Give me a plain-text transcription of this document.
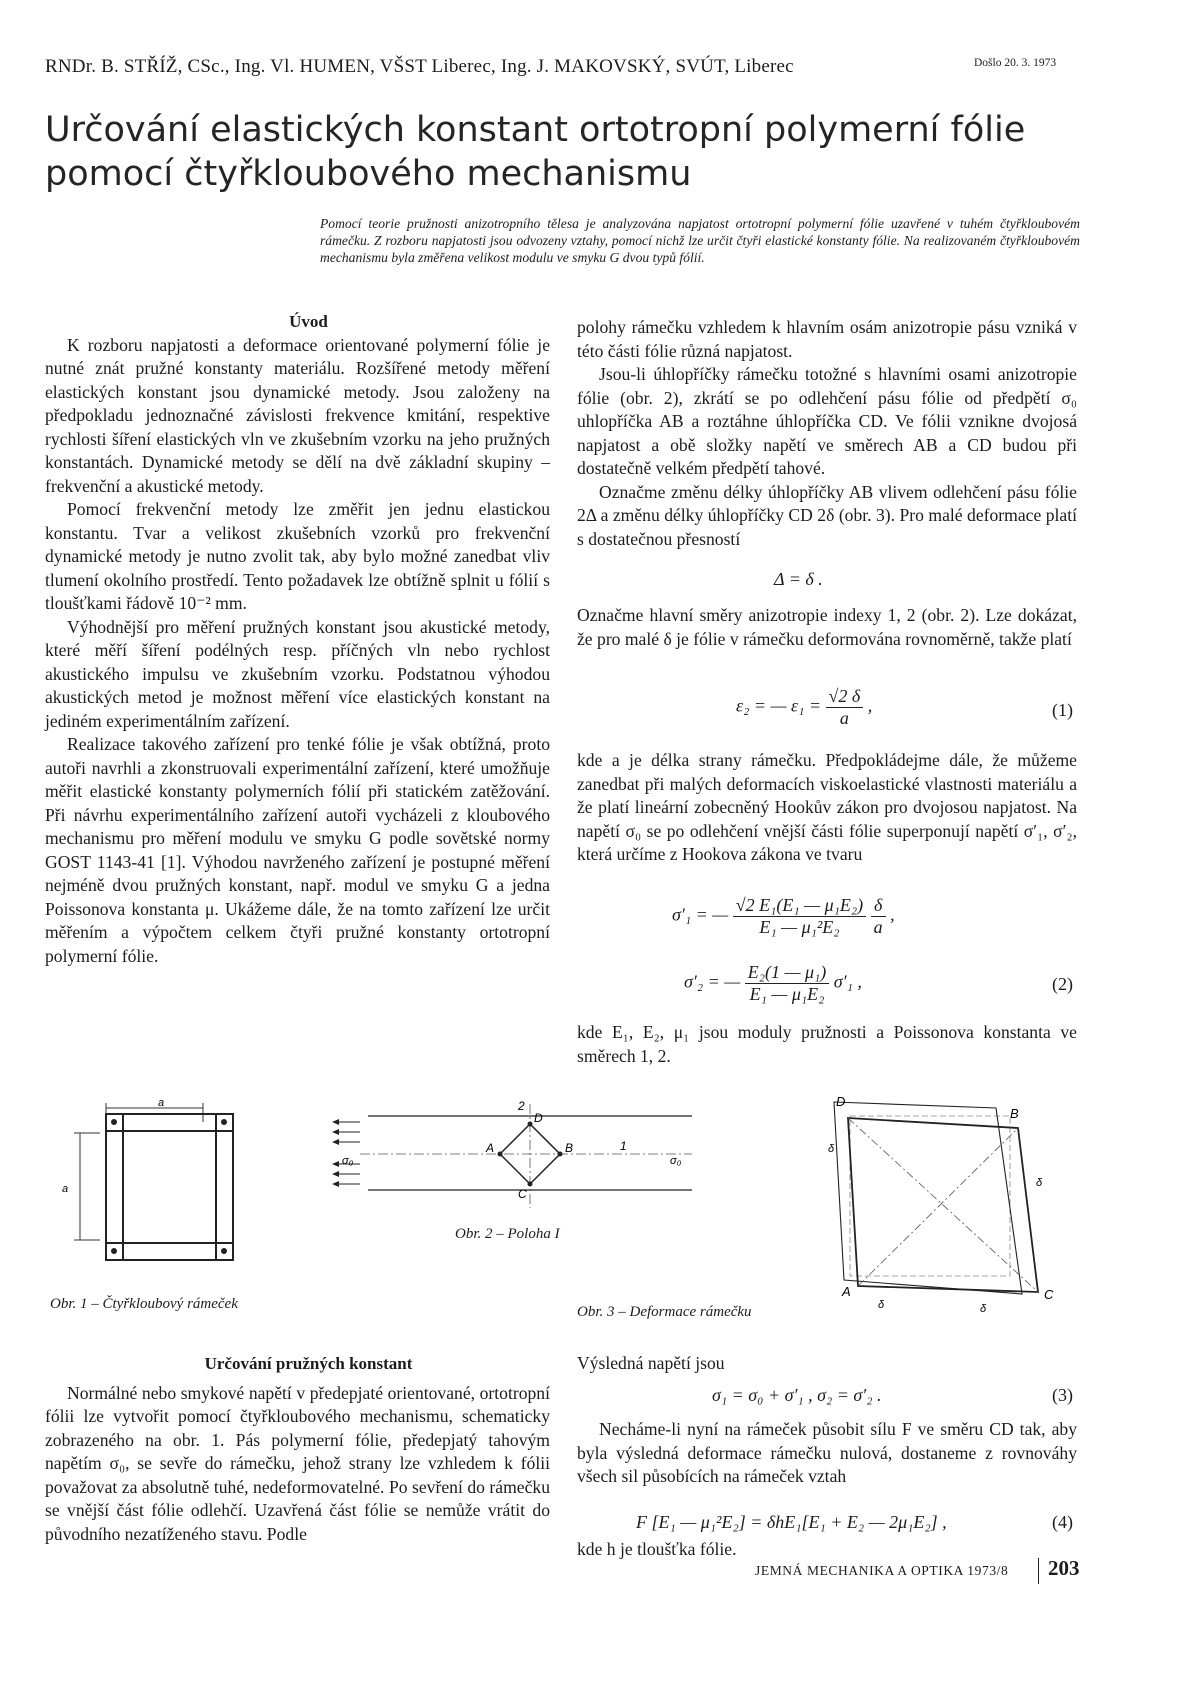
RNDr. B. STŘÍŽ, CSc., Ing. Vl. HUMEN, VŠST Liberec, Ing. J. MAKOVSKÝ, SVÚT, Liberec	Došlo 20. 3. 1973
Určování elastických konstant ortotropní polymerní fólie
pomocí čtyřkloubového mechanismu
Pomocí teorie pružnosti anizotropního tělesa je analyzována napjatost ortotropní polymerní fólie uzavřené v tuhém čtyřkloubovém rámečku. Z rozboru napjatosti jsou odvozeny vztahy, pomocí nichž lze určit čtyři elastické konstanty fólie. Na realizovaném čtyřkloubovém mechanismu byla změřena velikost modulu ve smyku G dvou typů fólií.

Úvod

K rozboru napjatosti a deformace orientované polymerní fólie je nutné znát pružné konstanty materiálu. Rozšířené metody měření elastických konstant jsou dynamické metody. Jsou založeny na předpokladu jednoznačné závislosti frekvence kmitání, respektive rychlosti šíření elastických vln ve zkušebním vzorku na jeho pružných konstantách. Dynamické metody se dělí na dvě základní skupiny – frekvenční a akustické metody.

Pomocí frekvenční metody lze změřit jen jednu elastickou konstantu. Tvar a velikost zkušebních vzorků pro frekvenční dynamické metody je nutno zvolit tak, aby bylo možné zanedbat vliv tlumení okolního prostředí. Tento požadavek lze obtížně splnit u fólií s tloušťkami řádově 10⁻² mm.

Výhodnější pro měření pružných konstant jsou akustické metody, které měří šíření podélných resp. příčných vln nebo rychlost akustického impulsu ve zkušebním vzorku. Podstatnou výhodou akustických metod je možnost měření více elastických konstant na jediném experimentálním zařízení.

Realizace takového zařízení pro tenké fólie je však obtížná, proto autoři navrhli a zkonstruovali experimentální zařízení, které umožňuje měřit elastické konstanty polymerních fólií při statickém zatěžování. Při návrhu experimentálního zařízení autoři vycházeli z kloubového mechanismu pro měření modulu ve smyku G podle sovětské normy GOST 1143-41 [1]. Výhodou navrženého zařízení je postupné měření nejméně dvou pružných konstant, např. modul ve smyku G a jedna Poissonova konstanta μ. Ukážeme dále, že na tomto zařízení lze určit měřením a výpočtem celkem čtyři pružné konstanty ortotropní polymerní fólie.

polohy rámečku vzhledem k hlavním osám anizotropie pásu vzniká v této části fólie různá napjatost.

Jsou-li úhlopříčky rámečku totožné s hlavními osami anizotropie fólie (obr. 2), zkrátí se po odlehčení pásu fólie od předpětí σ₀ uhlopříčka AB a roztáhne úhlopříčka CD. Ve fólii vznikne dvojosá napjatost a obě složky napětí ve směrech AB a CD budou při dostatečně velkém předpětí tahové.

Označme změnu délky úhlopříčky AB vlivem odlehčení pásu fólie 2Δ a změnu délky úhlopříčky CD 2δ (obr. 3). Pro malé deformace platí s dostatečnou přesností

Δ = δ .

Označme hlavní směry anizotropie indexy 1, 2 (obr. 2). Lze dokázat, že pro malé δ je fólie v rámečku deformována rovnoměrně, takže platí

ε₂ = — $\varepsilon_1 = \frac{√2 \delta}{a}$ ,	(1)

kde a je délka strany rámečku. Předpokládejme dále, že můžeme zanedbat při malých deformacích viskoelastické vlastnosti materiálu a že platí lineární zobecněný Hookův zákon pro dvojosou napjatost. Na napětí σ₀ se po odlehčení vnější části fólie superponují napětí σ′₁, σ′₂, která určíme z Hookova zákona ve tvaru

σ′₁ = — $\frac{\text{√2 E₁(E₁ — μ₁E₂)}}{\text{E₁ — μ₁²E₂}}$
$\frac{\delta}{a}$ ,
σ′₂ = — $\frac{\text{E₂(1 — μ₁)}}{\text{E₁ — μ₁E₂}} \sigma'_1$ ,	(2)

kde E₁, E₂, μ₁ jsou moduly pružnosti a Poissonova konstanta ve směrech 1, 2.

a
a
Obr. 1 – Čtyřkloubový rámeček
2
1
D
B
A
C
σ₀	σ₀
Obr. 2 – Poloha I
D
B
A	C
δ
δ
δ	δ
Obr. 3 – Deformace rámečku

Určování pružných konstant

Normálné nebo smykové napětí v předepjaté orientované, ortotropní fólii lze vytvořit pomocí čtyřkloubového mechanismu, schematicky zobrazeného na obr. 1. Pás polymerní fólie, předepjatý tahovým napětím σ₀, se sevře do rámečku, jehož strany lze vzhledem k fólii považovat za absolutně tuhé, nedeformovatelné. Po sevření do rámečku se vnější část fólie odlehčí. Uzavřená část fólie se nemůže vrátit do původního nezatíženého stavu. Podle

Výsledná napětí jsou

σ₁ = σ₀ + σ′₁ , σ₂ = σ′₂ .	(3)

Necháme-li nyní na rámeček působit sílu F ve směru CD tak, aby byla výsledná deformace rámečku nulová, dostaneme z rovnováhy všech sil působících na rámeček vztah

F [E₁ — μ₁²E₂] = δhE₁[E₁ + E₂ — 2μ₁E₂] ,	(4)

kde h je tloušťka fólie.

JEMNÁ MECHANIKA A OPTIKA 1973/8 203
